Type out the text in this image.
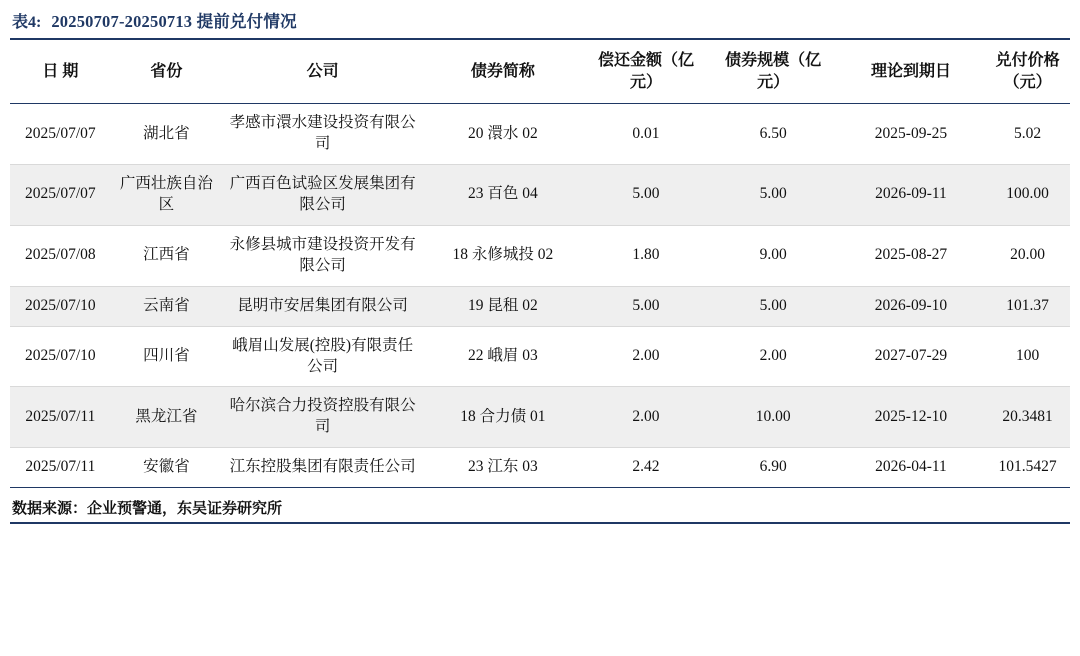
表4: 20250707-20250713 提前兑付情况
日 期	省份	公司	债券简称	偿还金额（亿元）	债券规模（亿元）	理论到期日	兑付价格（元）
2025/07/07	湖北省	孝感市澴水建设投资有限公司	20 澴水 02	0.01	6.50	2025-09-25	5.02
2025/07/07	广西壮族自治区	广西百色试验区发展集团有限公司	23 百色 04	5.00	5.00	2026-09-11	100.00
2025/07/08	江西省	永修县城市建设投资开发有限公司	18 永修城投 02	1.80	9.00	2025-08-27	20.00
2025/07/10	云南省	昆明市安居集团有限公司	19 昆租 02	5.00	5.00	2026-09-10	101.37
2025/07/10	四川省	峨眉山发展(控股)有限责任公司	22 峨眉 03	2.00	2.00	2027-07-29	100
2025/07/11	黑龙江省	哈尔滨合力投资控股有限公司	18 合力债 01	2.00	10.00	2025-12-10	20.3481
2025/07/11	安徽省	江东控股集团有限责任公司	23 江东 03	2.42	6.90	2026-04-11	101.5427
数据来源：企业预警通，东吴证券研究所
